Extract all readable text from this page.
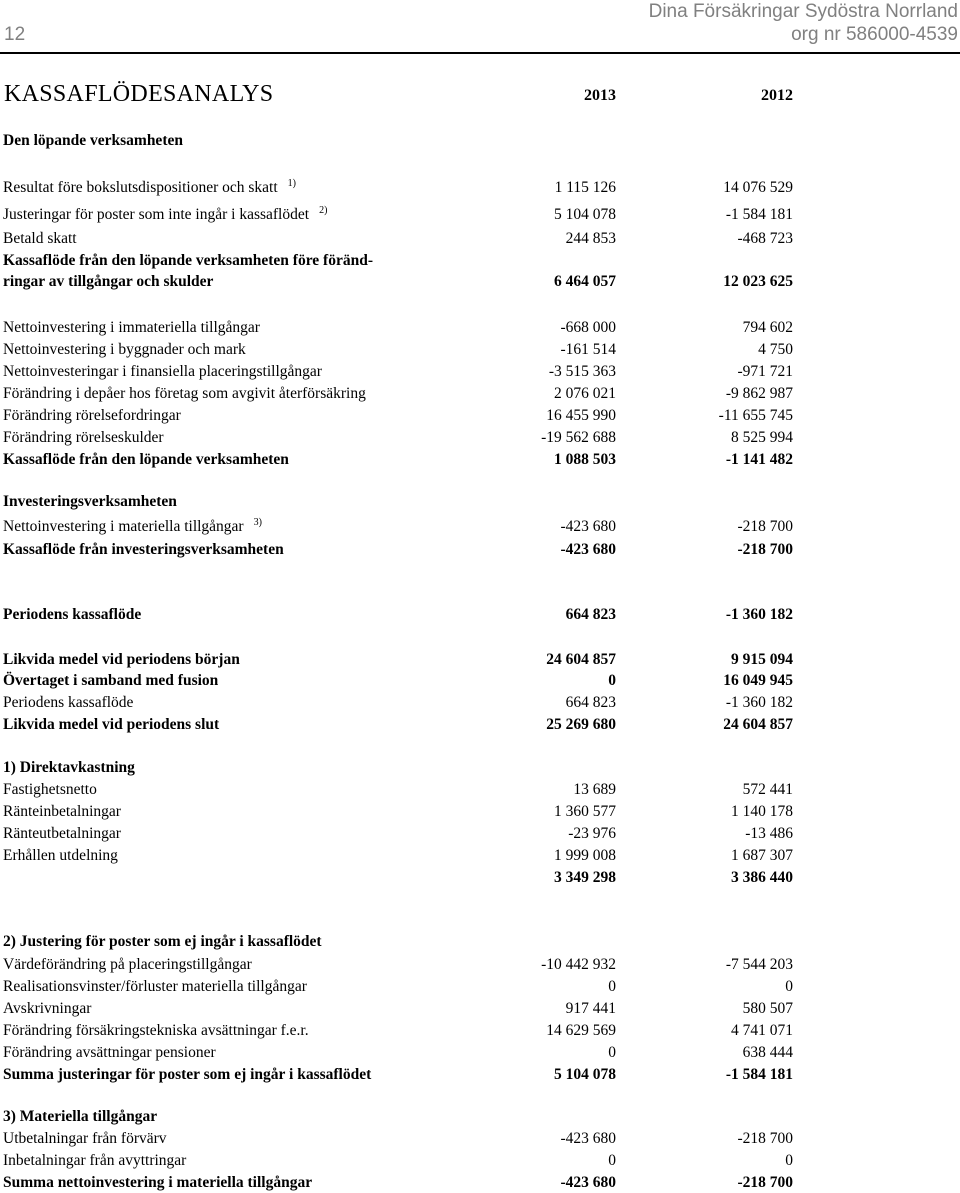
Dina Försäkringar Sydöstra Norrland
org nr 586000-4539
12
KASSAFLÖDESANALYS	2013	2012
Den löpande verksamheten
Resultat före bokslutsdispositioner och skatt $^{1)}$	1 115 126	14 076 529
Justeringar för poster som inte ingår i kassaflödet $^{2)}$	5 104 078	-1 584 181
Betald skatt	244 853	-468 723
Kassaflöde från den löpande verksamheten före föränd-
ringar av tillgångar och skulder	6 464 057	12 023 625
Nettoinvestering i immateriella tillgångar	-668 000	794 602
Nettoinvestering i byggnader och mark	-161 514	4 750
Nettoinvesteringar i finansiella placeringstillgångar	-3 515 363	-971 721
Förändring i depåer hos företag som avgivit återförsäkring	2 076 021	-9 862 987
Förändring rörelsefordringar	16 455 990	-11 655 745
Förändring rörelseskulder	-19 562 688	8 525 994
Kassaflöde från den löpande verksamheten	1 088 503	-1 141 482
Investeringsverksamheten
Nettoinvestering i materiella tillgångar $^{3)}$	-423 680	-218 700
Kassaflöde från investeringsverksamheten	-423 680	-218 700
Periodens kassaflöde	664 823	-1 360 182
Likvida medel vid periodens början	24 604 857	9 915 094
Övertaget i samband med fusion	0	16 049 945
Periodens kassaflöde	664 823	-1 360 182
Likvida medel vid periodens slut	25 269 680	24 604 857
1) Direktavkastning
Fastighetsnetto	13 689	572 441
Ränteinbetalningar	1 360 577	1 140 178
Ränteutbetalningar	-23 976	-13 486
Erhållen utdelning	1 999 008	1 687 307
3 349 298	3 386 440
2) Justering för poster som ej ingår i kassaflödet
Värdeförändring på placeringstillgångar	-10 442 932	-7 544 203
Realisationsvinster/förluster materiella tillgångar	0	0
Avskrivningar	917 441	580 507
Förändring försäkringstekniska avsättningar f.e.r.	14 629 569	4 741 071
Förändring avsättningar pensioner	0	638 444
Summa justeringar för poster som ej ingår i kassaflödet	5 104 078	-1 584 181
3) Materiella tillgångar
Utbetalningar från förvärv	-423 680	-218 700
Inbetalningar från avyttringar	0	0
Summa nettoinvestering i materiella tillgångar	-423 680	-218 700
